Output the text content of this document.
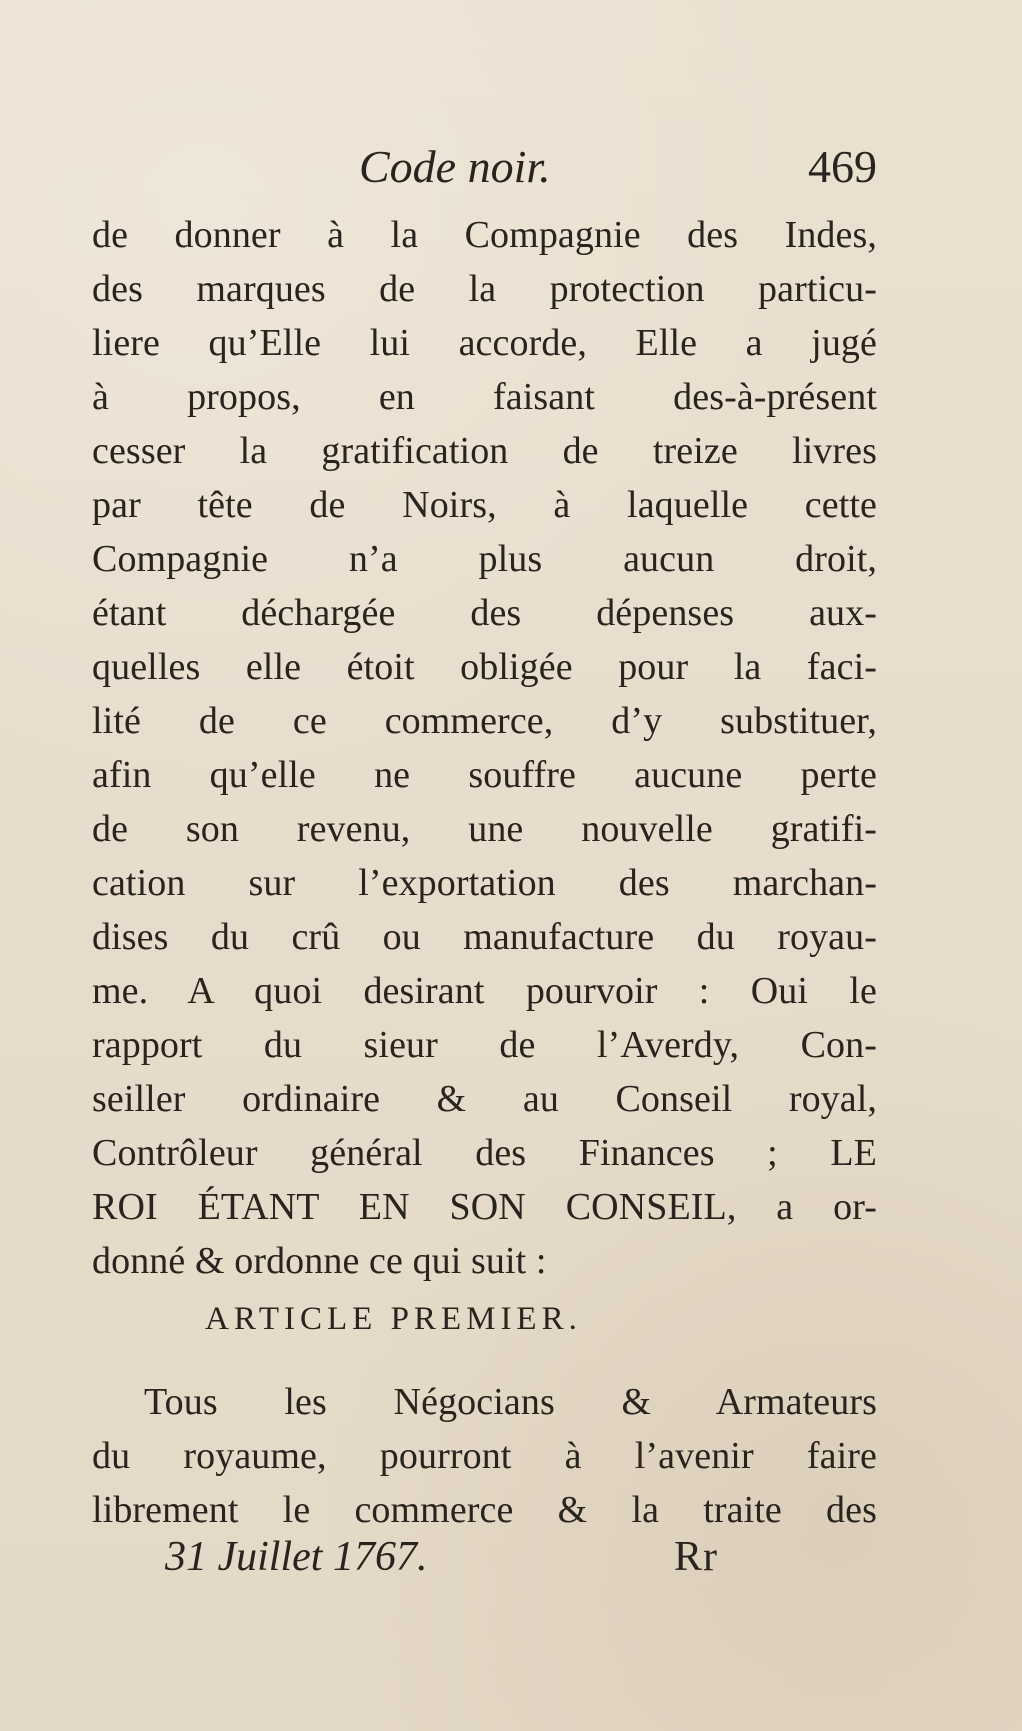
Code noir.	469
de donner à la Compagnie des Indes,
des marques de la protection particu-
liere qu’Elle lui accorde, Elle a jugé
à propos, en faisant des-à-présent
cesser la gratification de treize livres
par tête de Noirs, à laquelle cette
Compagnie n’a plus aucun droit,
étant déchargée des dépenses aux-
quelles elle étoit obligée pour la faci-
lité de ce commerce, d’y substituer,
afin qu’elle ne souffre aucune perte
de son revenu, une nouvelle gratifi-
cation sur l’exportation des marchan-
dises du crû ou manufacture du royau-
me. A quoi desirant pourvoir : Oui le
rapport du sieur de l’Averdy, Con-
seiller ordinaire & au Conseil royal,
Contrôleur général des Finances ; LE
ROI ÉTANT EN SON CONSEIL, a or-
donné & ordonne ce qui suit :
ARTICLE PREMIER.
Tous les Négocians & Armateurs
du royaume, pourront à l’avenir faire
librement le commerce & la traite des
31 Juillet 1767.	Rr
